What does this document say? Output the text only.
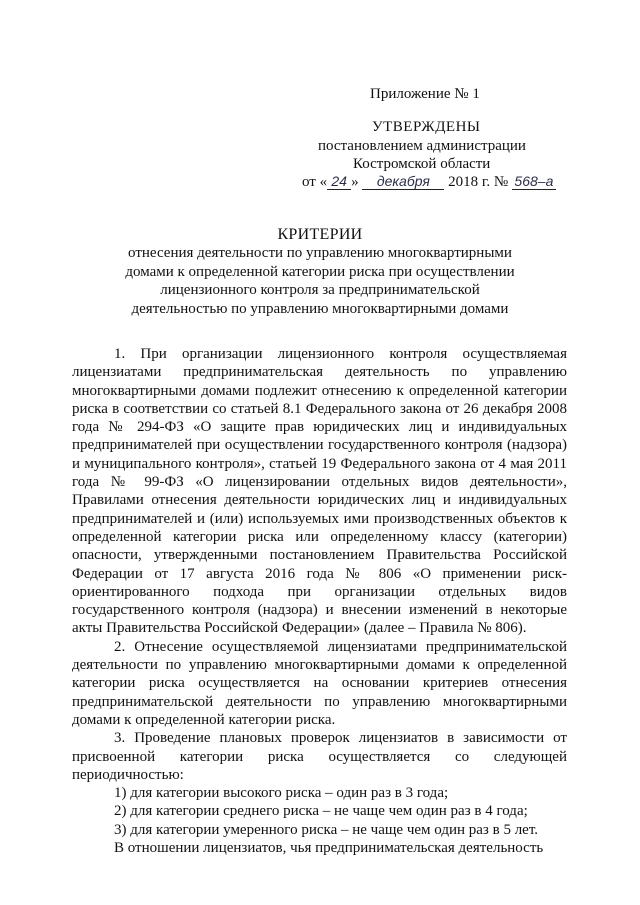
Приложение № 1
УТВЕРЖДЕНЫ
постановлением администрации
Костромской области
от « 24 » декабря 2018 г. № 568–а
КРИТЕРИИ
отнесения деятельности по управлению многоквартирными домами к определенной категории риска при осуществлении лицензионного контроля за предпринимательской деятельностью по управлению многоквартирными домами

1. При организации лицензионного контроля осуществляемая лицензиатами предпринимательская деятельность по управлению многоквартирными домами подлежит отнесению к определенной категории риска в соответствии со статьей 8.1 Федерального закона от 26 декабря 2008 года № 294-ФЗ «О защите прав юридических лиц и индивидуальных предпринимателей при осуществлении государственного контроля (надзора) и муниципального контроля», статьей 19 Федерального закона от 4 мая 2011 года № 99-ФЗ «О лицензировании отдельных видов деятельности», Правилами отнесения деятельности юридических лиц и индивидуальных предпринимателей и (или) используемых ими производственных объектов к определенной категории риска или определенному классу (категории) опасности, утвержденными постановлением Правительства Российской Федерации от 17 августа 2016 года № 806 «О применении риск-ориентированного подхода при организации отдельных видов государственного контроля (надзора) и внесении изменений в некоторые акты Правительства Российской Федерации» (далее – Правила № 806).

2. Отнесение осуществляемой лицензиатами предпринимательской деятельности по управлению многоквартирными домами к определенной категории риска осуществляется на основании критериев отнесения предпринимательской деятельности по управлению многоквартирными домами к определенной категории риска.

3. Проведение плановых проверок лицензиатов в зависимости от присвоенной категории риска осуществляется со следующей периодичностью:

1) для категории высокого риска – один раз в 3 года;

2) для категории среднего риска – не чаще чем один раз в 4 года;

3) для категории умеренного риска – не чаще чем один раз в 5 лет.

В отношении лицензиатов, чья предпринимательская деятельность
